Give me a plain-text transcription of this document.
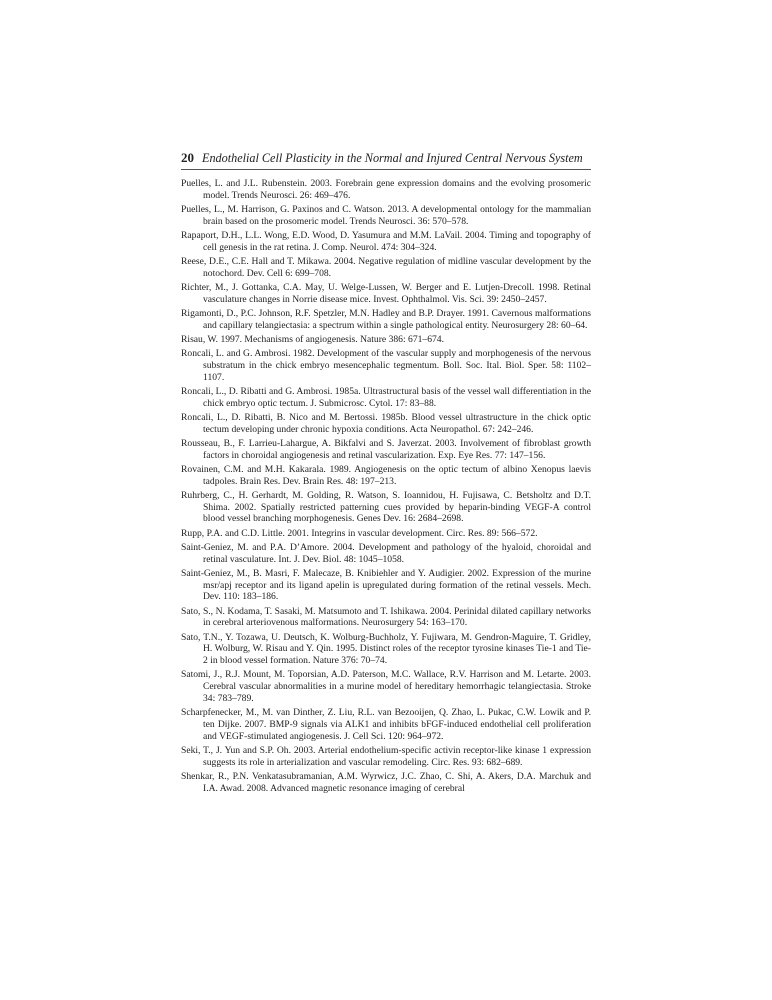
20 Endothelial Cell Plasticity in the Normal and Injured Central Nervous System
Puelles, L. and J.L. Rubenstein. 2003. Forebrain gene expression domains and the evolving prosomeric model. Trends Neurosci. 26: 469–476.
Puelles, L., M. Harrison, G. Paxinos and C. Watson. 2013. A developmental ontology for the mammalian brain based on the prosomeric model. Trends Neurosci. 36: 570–578.
Rapaport, D.H., L.L. Wong, E.D. Wood, D. Yasumura and M.M. LaVail. 2004. Timing and topography of cell genesis in the rat retina. J. Comp. Neurol. 474: 304–324.
Reese, D.E., C.E. Hall and T. Mikawa. 2004. Negative regulation of midline vascular development by the notochord. Dev. Cell 6: 699–708.
Richter, M., J. Gottanka, C.A. May, U. Welge-Lussen, W. Berger and E. Lutjen-Drecoll. 1998. Retinal vasculature changes in Norrie disease mice. Invest. Ophthalmol. Vis. Sci. 39: 2450–2457.
Rigamonti, D., P.C. Johnson, R.F. Spetzler, M.N. Hadley and B.P. Drayer. 1991. Cavernous malformations and capillary telangiectasia: a spectrum within a single pathological entity. Neurosurgery 28: 60–64.
Risau, W. 1997. Mechanisms of angiogenesis. Nature 386: 671–674.
Roncali, L. and G. Ambrosi. 1982. Development of the vascular supply and morphogenesis of the nervous substratum in the chick embryo mesencephalic tegmentum. Boll. Soc. Ital. Biol. Sper. 58: 1102–1107.
Roncali, L., D. Ribatti and G. Ambrosi. 1985a. Ultrastructural basis of the vessel wall differentiation in the chick embryo optic tectum. J. Submicrosc. Cytol. 17: 83–88.
Roncali, L., D. Ribatti, B. Nico and M. Bertossi. 1985b. Blood vessel ultrastructure in the chick optic tectum developing under chronic hypoxia conditions. Acta Neuropathol. 67: 242–246.
Rousseau, B., F. Larrieu-Lahargue, A. Bikfalvi and S. Javerzat. 2003. Involvement of fibroblast growth factors in choroidal angiogenesis and retinal vascularization. Exp. Eye Res. 77: 147–156.
Rovainen, C.M. and M.H. Kakarala. 1989. Angiogenesis on the optic tectum of albino Xenopus laevis tadpoles. Brain Res. Dev. Brain Res. 48: 197–213.
Ruhrberg, C., H. Gerhardt, M. Golding, R. Watson, S. Ioannidou, H. Fujisawa, C. Betsholtz and D.T. Shima. 2002. Spatially restricted patterning cues provided by heparin-binding VEGF-A control blood vessel branching morphogenesis. Genes Dev. 16: 2684–2698.
Rupp, P.A. and C.D. Little. 2001. Integrins in vascular development. Circ. Res. 89: 566–572.
Saint-Geniez, M. and P.A. D’Amore. 2004. Development and pathology of the hyaloid, choroidal and retinal vasculature. Int. J. Dev. Biol. 48: 1045–1058.
Saint-Geniez, M., B. Masri, F. Malecaze, B. Knibiehler and Y. Audigier. 2002. Expression of the murine msr/apj receptor and its ligand apelin is upregulated during formation of the retinal vessels. Mech. Dev. 110: 183–186.
Sato, S., N. Kodama, T. Sasaki, M. Matsumoto and T. Ishikawa. 2004. Perinidal dilated capillary networks in cerebral arteriovenous malformations. Neurosurgery 54: 163–170.
Sato, T.N., Y. Tozawa, U. Deutsch, K. Wolburg-Buchholz, Y. Fujiwara, M. Gendron-Maguire, T. Gridley, H. Wolburg, W. Risau and Y. Qin. 1995. Distinct roles of the receptor tyrosine kinases Tie-1 and Tie-2 in blood vessel formation. Nature 376: 70–74.
Satomi, J., R.J. Mount, M. Toporsian, A.D. Paterson, M.C. Wallace, R.V. Harrison and M. Letarte. 2003. Cerebral vascular abnormalities in a murine model of hereditary hemorrhagic telangiectasia. Stroke 34: 783–789.
Scharpfenecker, M., M. van Dinther, Z. Liu, R.L. van Bezooijen, Q. Zhao, L. Pukac, C.W. Lowik and P. ten Dijke. 2007. BMP-9 signals via ALK1 and inhibits bFGF-induced endothelial cell proliferation and VEGF-stimulated angiogenesis. J. Cell Sci. 120: 964–972.
Seki, T., J. Yun and S.P. Oh. 2003. Arterial endothelium-specific activin receptor-like kinase 1 expression suggests its role in arterialization and vascular remodeling. Circ. Res. 93: 682–689.
Shenkar, R., P.N. Venkatasubramanian, A.M. Wyrwicz, J.C. Zhao, C. Shi, A. Akers, D.A. Marchuk and I.A. Awad. 2008. Advanced magnetic resonance imaging of cerebral
